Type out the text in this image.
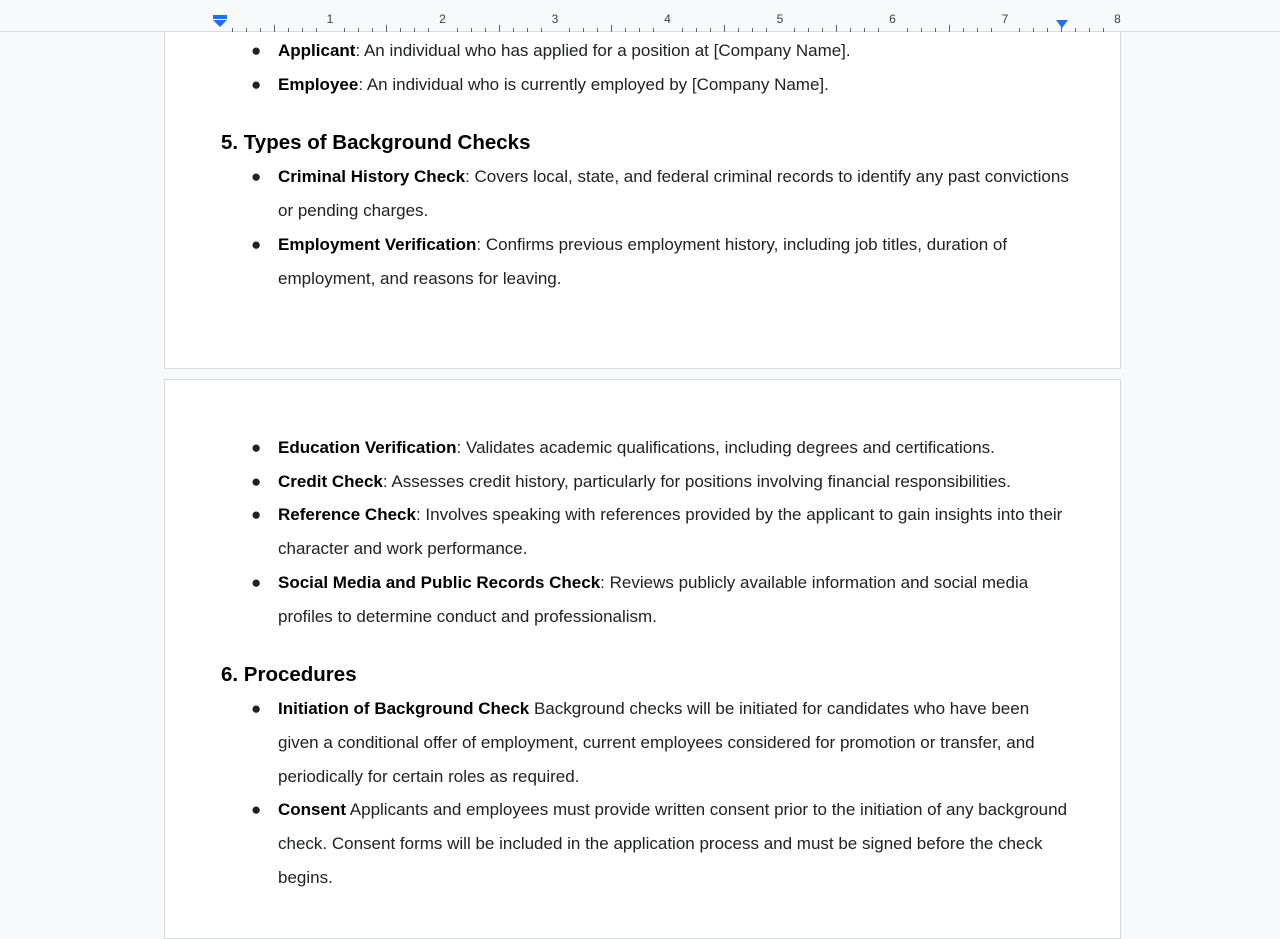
1	2	3	4	5	6	7	8
● Applicant: An individual who has applied for a position at [Company Name].
● Employee: An individual who is currently employed by [Company Name].
5. Types of Background Checks
● Criminal History Check: Covers local, state, and federal criminal records to identify any past convictions or pending charges.
● Employment Verification: Confirms previous employment history, including job titles, duration of employment, and reasons for leaving.
● Education Verification: Validates academic qualifications, including degrees and certifications.
● Credit Check: Assesses credit history, particularly for positions involving financial responsibilities.
● Reference Check: Involves speaking with references provided by the applicant to gain insights into their character and work performance.
● Social Media and Public Records Check: Reviews publicly available information and social media profiles to determine conduct and professionalism.
6. Procedures
● Initiation of Background Check Background checks will be initiated for candidates who have been given a conditional offer of employment, current employees considered for promotion or transfer, and periodically for certain roles as required.
● Consent Applicants and employees must provide written consent prior to the initiation of any background check. Consent forms will be included in the application process and must be signed before the check begins.
